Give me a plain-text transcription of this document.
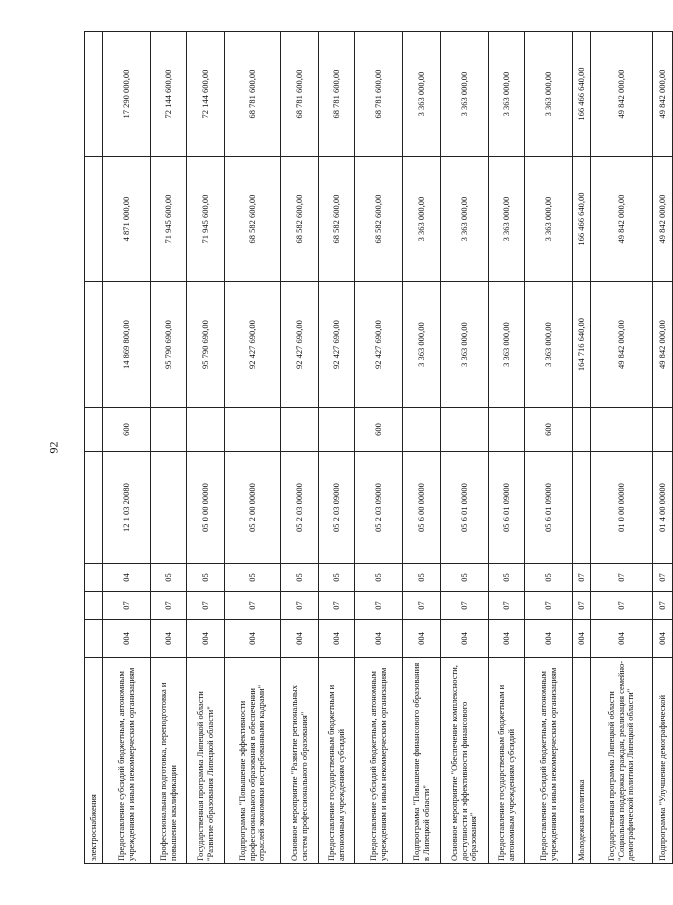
92
электроснабжения									
Предоставление субсидий бюджетным, автономным учреждениям и иным некоммерческим организациям	004	07	04	12 1 03 20080	600	14 869 800,00	4 871 000,00	17 290 000,00	
Профессиональная подготовка, переподготовка и повышение квалификации	004	07	05			95 790 690,00	71 945 600,00	72 144 600,00	
Государственная программа Липецкой области "Развитие образования Липецкой области"	004	07	05	05 0 00 00000		95 790 690,00	71 945 600,00	72 144 600,00	
Подпрограмма "Повышение эффективности профессионального образования в обеспечении отраслей экономики востребованными кадрами"	004	07	05	05 2 00 00000		92 427 690,00	68 582 600,00	68 781 600,00	
Основное мероприятие "Развитие региональных систем профессионального образования"	004	07	05	05 2 03 00000		92 427 690,00	68 582 600,00	68 781 600,00	
Предоставление государственным бюджетным и автономным учреждениям субсидий	004	07	05	05 2 03 09000		92 427 690,00	68 582 600,00	68 781 600,00	
Предоставление субсидий бюджетным, автономным учреждениям и иным некоммерческим организациям	004	07	05	05 2 03 09000	600	92 427 690,00	68 582 600,00	68 781 600,00	
Подпрограмма "Повышение финансового образования в Липецкой области"	004	07	05	05 6 00 00000		3 363 000,00	3 363 000,00	3 363 000,00	
Основное мероприятие "Обеспечение комплексности, доступности и эффективности финансового образования"	004	07	05	05 6 01 00000		3 363 000,00	3 363 000,00	3 363 000,00	
Предоставление государственным бюджетным и автономным учреждениям субсидий	004	07	05	05 6 01 09000		3 363 000,00	3 363 000,00	3 363 000,00	
Предоставление субсидий бюджетным, автономным учреждениям и иным некоммерческим организациям	004	07	05	05 6 01 09000	600	3 363 000,00	3 363 000,00	3 363 000,00	
Молодежная политика	004	07	07			164 716 640,00	166 466 640,00	166 466 640,00	
Государственная программа Липецкой области "Социальная поддержка граждан, реализация семейно-демографической политики Липецкой области"	004	07	07	01 0 00 00000		49 842 000,00	49 842 000,00	49 842 000,00	
Подпрограмма "Улучшение демографической	004	07	07	01 4 00 00000		49 842 000,00	49 842 000,00	49 842 000,00	
